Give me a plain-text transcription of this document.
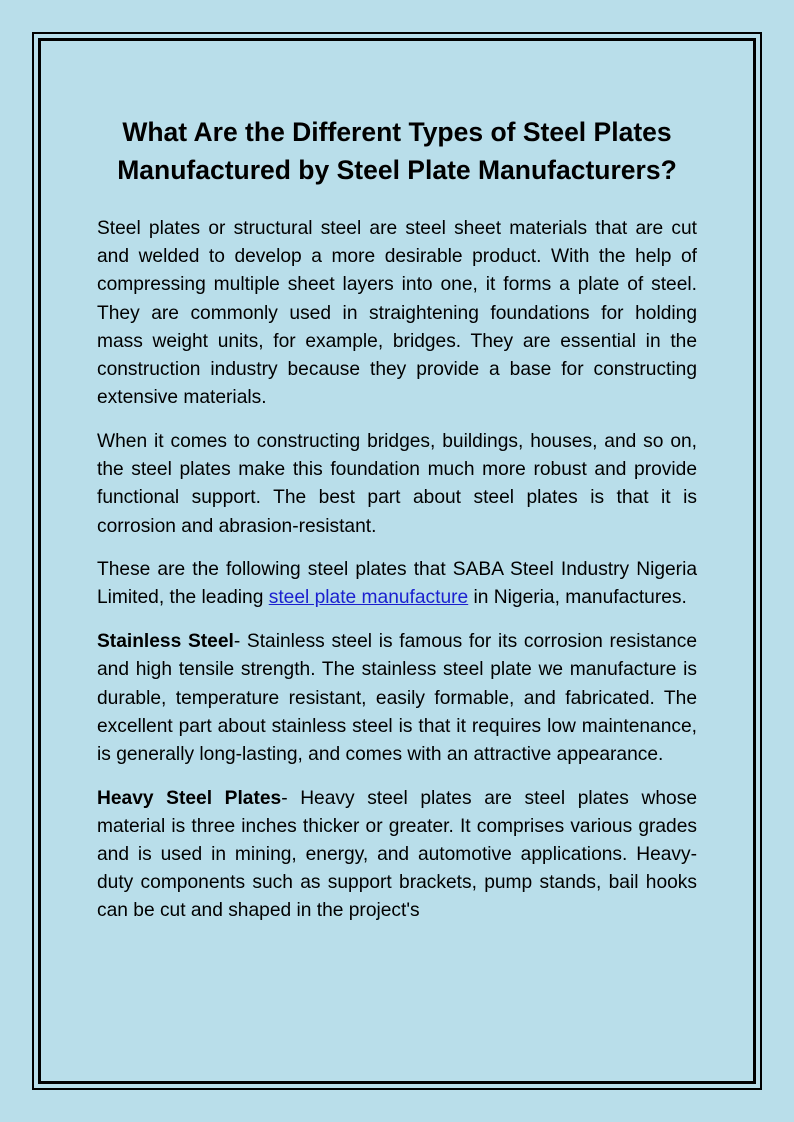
What Are the Different Types of Steel Plates Manufactured by Steel Plate Manufacturers?

Steel plates or structural steel are steel sheet materials that are cut and welded to develop a more desirable product. With the help of compressing multiple sheet layers into one, it forms a plate of steel. They are commonly used in straightening foundations for holding mass weight units, for example, bridges. They are essential in the construction industry because they provide a base for constructing extensive materials.

When it comes to constructing bridges, buildings, houses, and so on, the steel plates make this foundation much more robust and provide functional support. The best part about steel plates is that it is corrosion and abrasion-resistant.

These are the following steel plates that SABA Steel Industry Nigeria Limited, the leading steel plate manufacture in Nigeria, manufactures.

Stainless Steel- Stainless steel is famous for its corrosion resistance and high tensile strength. The stainless steel plate we manufacture is durable, temperature resistant, easily formable, and fabricated. The excellent part about stainless steel is that it requires low maintenance, is generally long-lasting, and comes with an attractive appearance.

Heavy Steel Plates- Heavy steel plates are steel plates whose material is three inches thicker or greater. It comprises various grades and is used in mining, energy, and automotive applications. Heavy-duty components such as support brackets, pump stands, bail hooks can be cut and shaped in the project's
